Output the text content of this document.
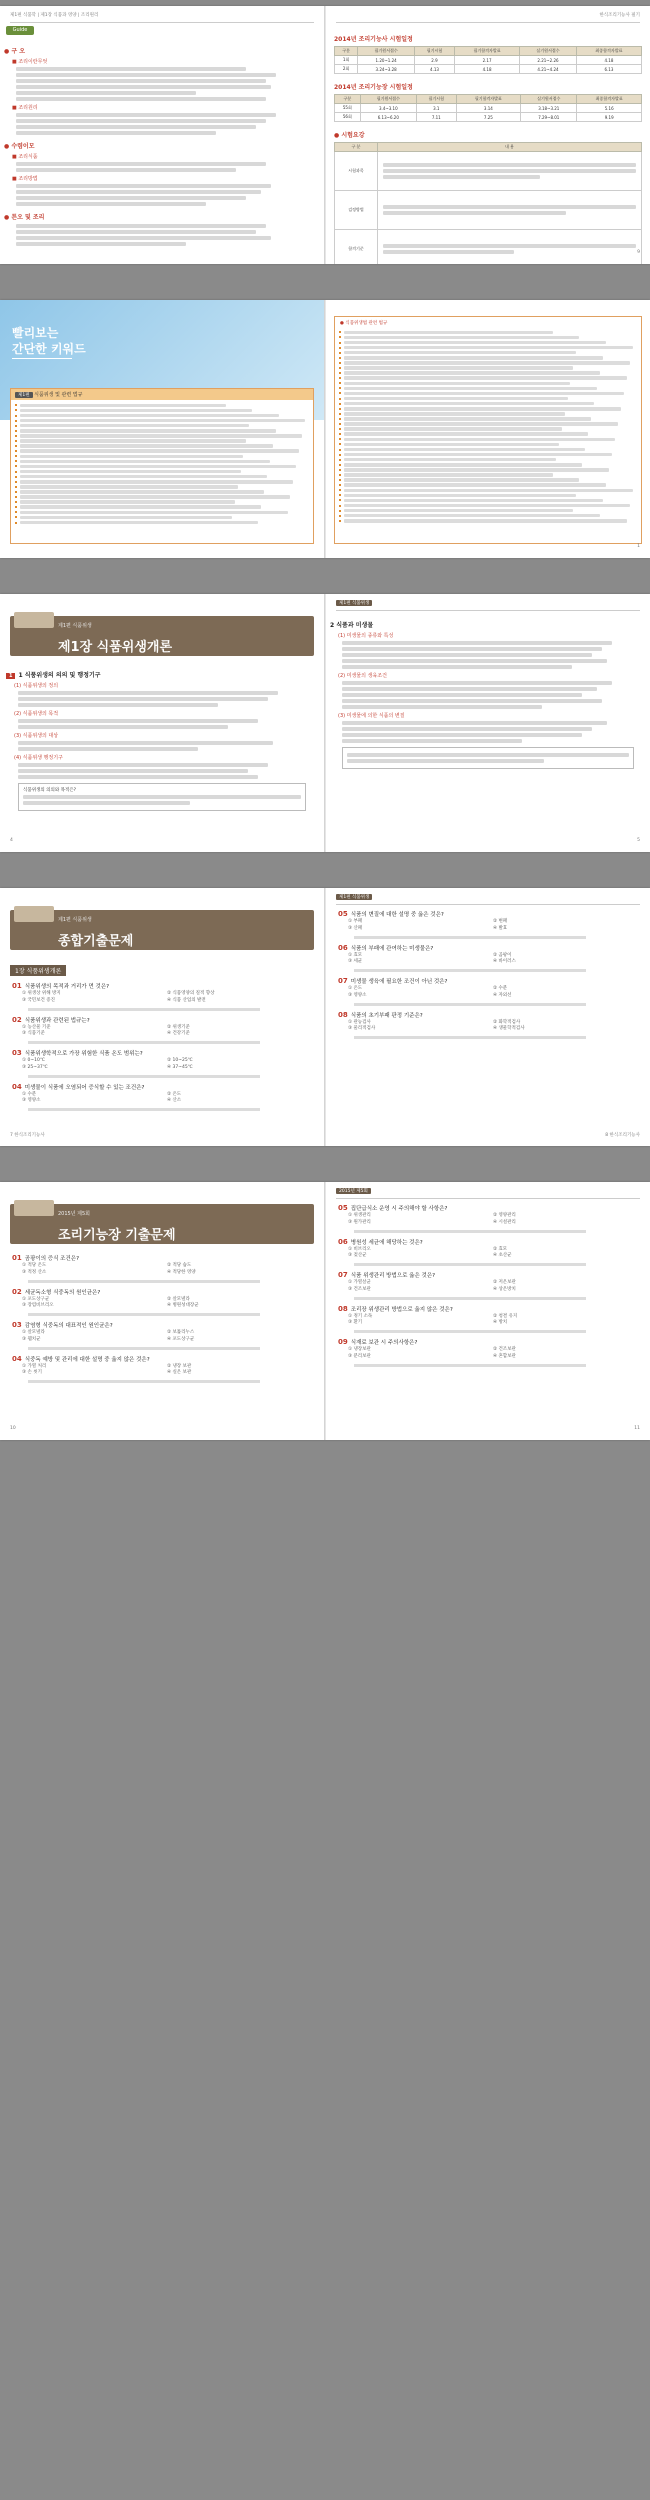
제1편 식품학 | 제1장 식품과 영양 | 조리원리
Guide
● 구 오
■ 조리이란무엇
■ 조리원리
● 수렴이모
■ 조리식품
■ 조리방법
● 튼오 및 조리
한식조리기능사 필기
2014년 조리기능사 시험일정
구분	필기원서접수	필기시험	필기합격자발표	실기원서접수	최종합격자발표
1회	1.20~1.24	2.9	2.17	2.21~2.26	4.18
2회	3.24~3.28	4.13	4.18	4.21~4.24	6.13
2014년 조리기능장 시험일정
구분	필기원서접수	필기시험	필기합격자발표	실기원서접수	최종합격자발표
55회	3.4~3.10	3.1	3.14	3.18~3.21	5.16
56회	6.13~6.20	7.11	7.25	7.29~8.01	9.19
● 시험요강
구 분	내 용
시험과목	

검정방법	

합격기준	
9
빨리보는
간단한 키워드
제1편 식품위생 및 관련 법규
● 식품위생법 관련 법규
1
제1편 식품위생
제1장 식품위생개론
1 1 식품위생의 의의 및 행정기구
(1) 식품위생의 정의
(2) 식품위생의 목적
(3) 식품위생의 대상
(4) 식품위생 행정기구
식품위생의 의의와 목적은?
4
제1편 식품위생
2 식품과 미생물
(1) 미생물의 종류와 특성
(2) 미생물의 생육조건
(3) 미생물에 의한 식품의 변질
5
제1편 식품위생
종합기출문제
1장 식품위생개론
01 식품위생의 목적과 거리가 먼 것은?
① 위생상 위해 방지	② 식품영양의 질적 향상
③ 국민보건 증진	④ 식품 산업의 발전
02 식품위생과 관련된 법규는?
① 농산물 기준	② 위생기준
③ 식품기준	④ 건강기준
03 식품위생학적으로 가장 위험한 식품 온도 범위는?
① 0~10℃	② 10~25℃
③ 25~37℃	④ 37~45℃
04 미생물이 식품에 오염되어 증식할 수 있는 조건은?
① 수분	② 온도
③ 영양소	④ 산소
7 한식조리기능사
제1편 식품위생
05 식품의 변질에 대한 설명 중 옳은 것은?
① 부패	② 변패
③ 산패	④ 발효
06 식품의 부패에 관여하는 미생물은?
① 효모	② 곰팡이
③ 세균	④ 바이러스
07 미생물 생육에 필요한 조건이 아닌 것은?
① 온도	② 수분
③ 영양소	④ 자외선
08 식품의 초기부패 판정 기준은?
① 관능검사	② 화학적검사
③ 물리적검사	④ 생물학적검사
8 한식조리기능사
2015년 제5회
조리기능장 기출문제
01 곰팡이의 증식 조건은?
① 적당 온도	② 적당 습도
③ 적정 산소	④ 적당한 영양
02 세균독소형 식중독의 원인균은?
① 포도상구균	② 살모넬라
③ 장염비브리오	④ 병원성대장균
03 감염형 식중독의 대표적인 원인균은?
① 살모넬라	② 보툴리누스
③ 웰치균	④ 포도상구균
04 식중독 예방 및 관리에 대한 설명 중 옳지 않은 것은?
① 가열 처리	② 냉장 보관
③ 손 씻기	④ 실온 보관
10
2015년 제5회
05 집단급식소 운영 시 주의해야 할 사항은?
① 위생관리	② 영양관리
③ 원가관리	④ 시설관리
06 병원성 세균에 해당하는 것은?
① 비브리오	② 효모
③ 젖산균	④ 초산균
07 식품 위생관리 방법으로 옳은 것은?
① 가열살균	② 저온보관
③ 건조보관	④ 상온방치
08 조리장 위생관리 방법으로 옳지 않은 것은?
① 정기 소독	② 청결 유지
③ 환기	④ 방치
09 식재료 보관 시 주의사항은?
① 냉장보관	② 건조보관
③ 분리보관	④ 혼합보관
11
